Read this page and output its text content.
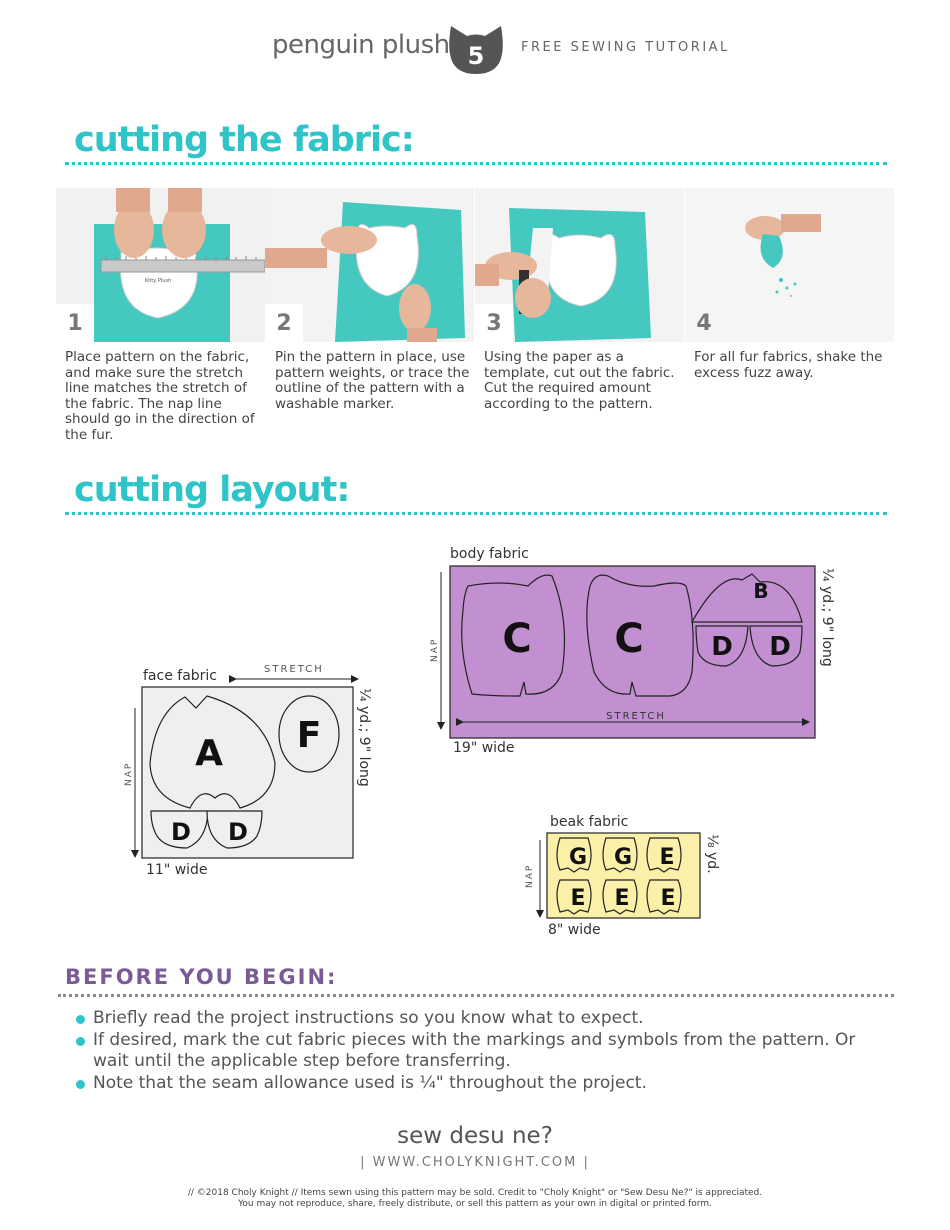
penguin plush 5	FREE SEWING TUTORIAL
cutting the fabric:
Kitty Plush
1	2	3	4
Place pattern on the fabric, and make sure the stretch line matches the stretch of the fabric. The nap line should go in the direction of the fur.
Pin the pattern in place, use pattern weights, or trace the outline of the pattern with a washable marker.
Using the paper as a template, cut out the fabric. Cut the required amount according to the pattern.
For all fur fabrics, shake the excess fuzz away.
cutting layout:
face fabric	STRETCH
11" wide
¼ yd.; 9" long
NAP A F
D D
body fabric
19" wide
¼ yd.; 9" long
NAP
STRETCH
C C
B
D D
beak fabric
8" wide
⅛ yd.
NAP
G G E
E E E
BEFORE YOU BEGIN:
Briefly read the project instructions so you know what to expect.
If desired, mark the cut fabric pieces with the markings and symbols from the pattern. Or wait until the applicable step before transferring.
Note that the seam allowance used is ¼" throughout the project.
sew desu ne?
| WWW.CHOLYKNIGHT.COM |
// ©2018 Choly Knight // Items sewn using this pattern may be sold. Credit to "Choly Knight" or "Sew Desu Ne?" is appreciated.
You may not reproduce, share, freely distribute, or sell this pattern as your own in digital or printed form.
